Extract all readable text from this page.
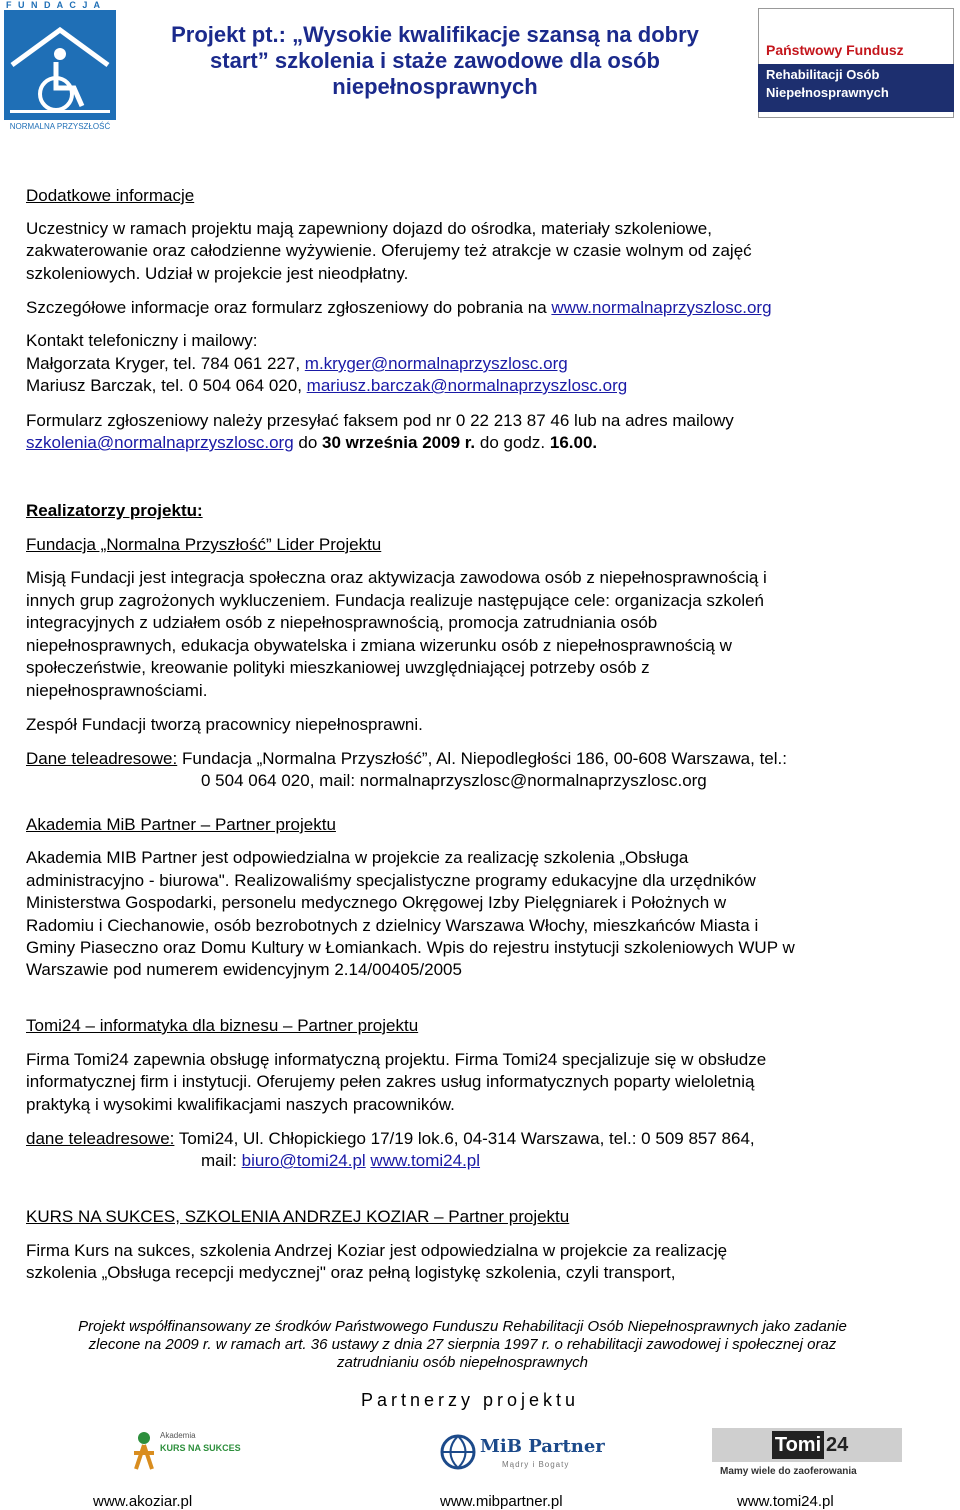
F U N D A C J A
NORMALNA PRZYSZŁOŚĆ
Projekt pt.: „Wysokie kwalifikacje szansą na dobry
start” szkolenia i staże zawodowe dla osób
niepełnosprawnych
Państwowy Fundusz
Rehabilitacji Osób
Niepełnosprawnych
Dodatkowe informacje
Uczestnicy w ramach projektu mają zapewniony dojazd do ośrodka, materiały szkoleniowe,
zakwaterowanie oraz całodzienne wyżywienie. Oferujemy też atrakcje w czasie wolnym od zajęć
szkoleniowych. Udział w projekcie jest nieodpłatny.
Szczegółowe informacje oraz formularz zgłoszeniowy do pobrania na www.normalnaprzyszlosc.org
Kontakt telefoniczny i mailowy:
Małgorzata Kryger, tel. 784 061 227, m.kryger@normalnaprzyszlosc.org
Mariusz Barczak, tel. 0 504 064 020, mariusz.barczak@normalnaprzyszlosc.org
Formularz zgłoszeniowy należy przesyłać faksem pod nr 0 22 213 87 46 lub na adres mailowy
szkolenia@normalnaprzyszlosc.org do 30 września 2009 r. do godz. 16.00.
Realizatorzy projektu:
Fundacja „Normalna Przyszłość” Lider Projektu
Misją Fundacji jest integracja społeczna oraz aktywizacja zawodowa osób z niepełnosprawnością i
innych grup zagrożonych wykluczeniem. Fundacja realizuje następujące cele: organizacja szkoleń
integracyjnych z udziałem osób z niepełnosprawnością, promocja zatrudniania osób
niepełnosprawnych, edukacja obywatelska i zmiana wizerunku osób z niepełnosprawnością w
społeczeństwie, kreowanie polityki mieszkaniowej uwzględniającej potrzeby osób z
niepełnosprawnościami.
Zespół Fundacji tworzą pracownicy niepełnosprawni.
Dane teleadresowe: Fundacja „Normalna Przyszłość”, Al. Niepodległości 186, 00-608 Warszawa, tel.:
0 504 064 020, mail: normalnaprzyszlosc@normalnaprzyszlosc.org
Akademia MiB Partner – Partner projektu
Akademia MIB Partner jest odpowiedzialna w projekcie za realizację szkolenia „Obsługa
administracyjno - biurowa". Realizowaliśmy specjalistyczne programy edukacyjne dla urzędników
Ministerstwa Gospodarki, personelu medycznego Okręgowej Izby Pielęgniarek i Położnych w
Radomiu i Ciechanowie, osób bezrobotnych z dzielnicy Warszawa Włochy, mieszkańców Miasta i
Gminy Piaseczno oraz Domu Kultury w Łomiankach. Wpis do rejestru instytucji szkoleniowych WUP w
Warszawie pod numerem ewidencyjnym 2.14/00405/2005
Tomi24 – informatyka dla biznesu – Partner projektu
Firma Tomi24 zapewnia obsługę informatyczną projektu. Firma Tomi24 specjalizuje się w obsłudze
informatycznej firm i instytucji. Oferujemy pełen zakres usług informatycznych poparty wieloletnią
praktyką i wysokimi kwalifikacjami naszych pracowników.
dane teleadresowe: Tomi24, Ul. Chłopickiego 17/19 lok.6, 04-314 Warszawa, tel.: 0 509 857 864,
mail: biuro@tomi24.pl www.tomi24.pl
KURS NA SUKCES, SZKOLENIA ANDRZEJ KOZIAR – Partner projektu
Firma Kurs na sukces, szkolenia Andrzej Koziar jest odpowiedzialna w projekcie za realizację
szkolenia „Obsługa recepcji medycznej" oraz pełną logistykę szkolenia, czyli transport,
Projekt współfinansowany ze środków Państwowego Funduszu Rehabilitacji Osób Niepełnosprawnych jako zadanie
zlecone na 2009 r. w ramach art. 36 ustawy z dnia 27 sierpnia 1997 r. o rehabilitacji zawodowej i społecznej oraz
zatrudnianiu osób niepełnosprawnych
Partnerzy projektu
Akademia
KURS NA SUKCES	MiB Partner
Mądry i Bogaty
Tomi 24
Mamy wiele do zaoferowania
www.akoziar.pl	www.mibpartner.pl	www.tomi24.pl
